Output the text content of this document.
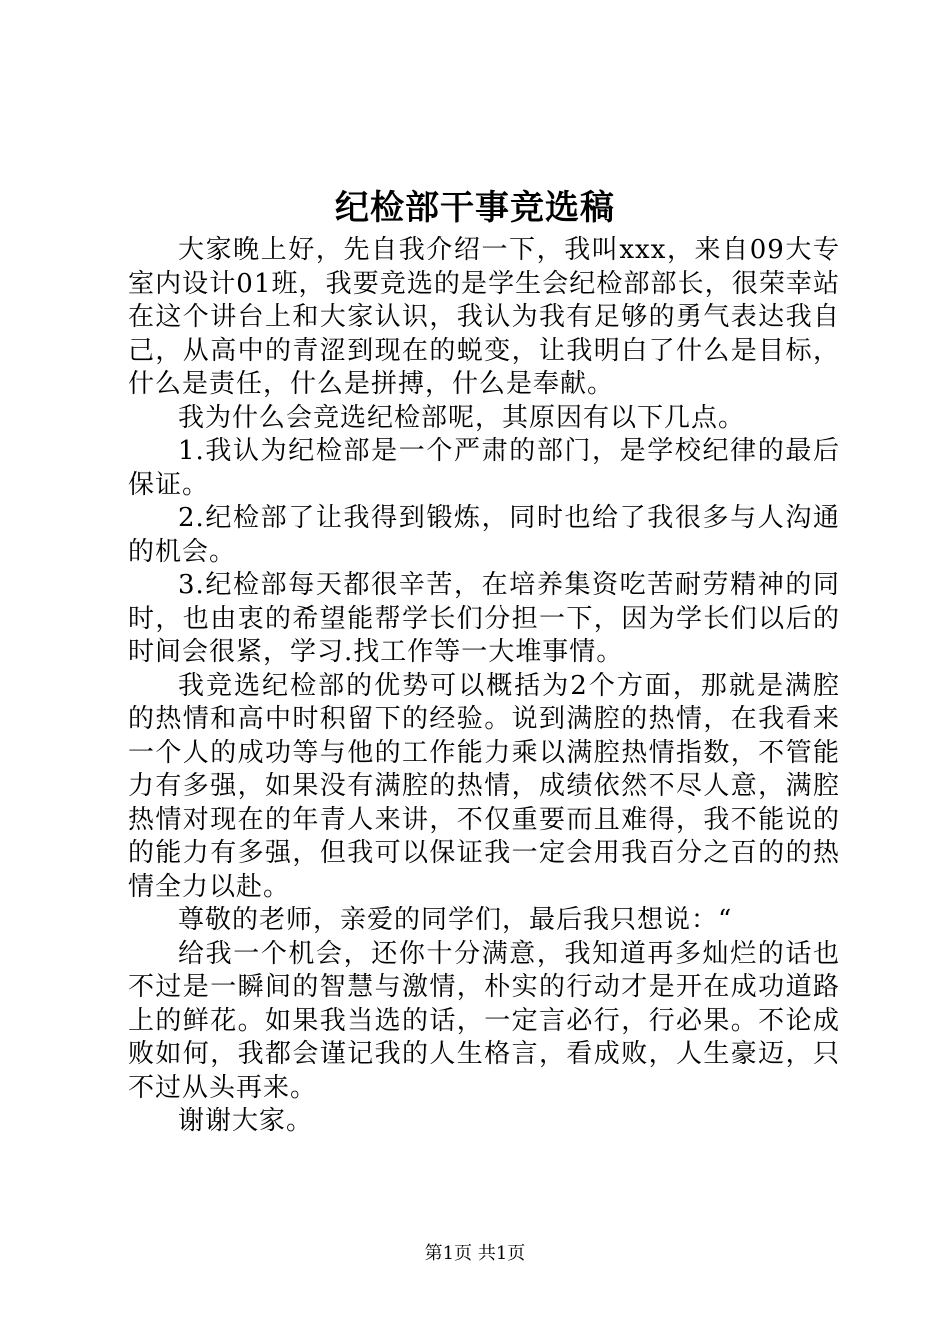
纪检部干事竞选稿

大家晚上好，先自我介绍一下，我叫xxx，来自09大专室内设计01班，我要竞选的是学生会纪检部部长，很荣幸站在这个讲台上和大家认识，我认为我有足够的勇气表达我自己，从高中的青涩到现在的蜕变，让我明白了什么是目标，什么是责任，什么是拼搏，什么是奉献。

我为什么会竞选纪检部呢，其原因有以下几点。

1.我认为纪检部是一个严肃的部门，是学校纪律的最后保证。

2.纪检部了让我得到锻炼，同时也给了我很多与人沟通的机会。

3.纪检部每天都很辛苦，在培养集资吃苦耐劳精神的同时，也由衷的希望能帮学长们分担一下，因为学长们以后的时间会很紧，学习.找工作等一大堆事情。

我竞选纪检部的优势可以概括为2个方面，那就是满腔的热情和高中时积留下的经验。说到满腔的热情，在我看来一个人的成功等与他的工作能力乘以满腔热情指数，不管能力有多强，如果没有满腔的热情，成绩依然不尽人意，满腔热情对现在的年青人来讲，不仅重要而且难得，我不能说的的能力有多强，但我可以保证我一定会用我百分之百的的热情全力以赴。

尊敬的老师，亲爱的同学们，最后我只想说：“

给我一个机会，还你十分满意，我知道再多灿烂的话也不过是一瞬间的智慧与激情，朴实的行动才是开在成功道路上的鲜花。如果我当选的话，一定言必行，行必果。不论成败如何，我都会谨记我的人生格言，看成败，人生豪迈，只不过从头再来。

谢谢大家。

第1页 共1页
